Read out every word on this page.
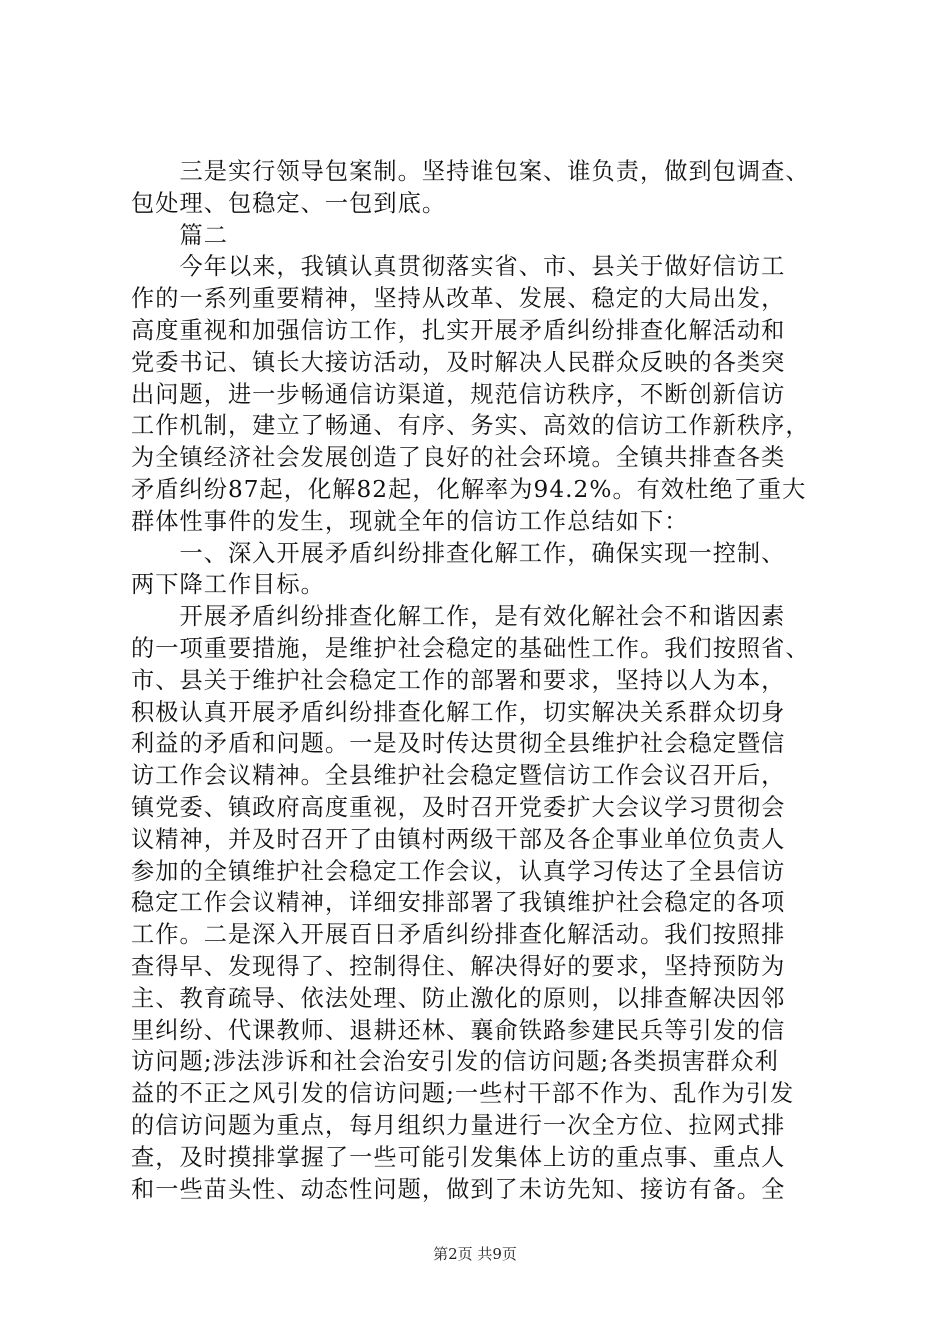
　　三是实行领导包案制。坚持谁包案、谁负责，做到包调查、
包处理、包稳定、一包到底。
　　篇二
　　今年以来，我镇认真贯彻落实省、市、县关于做好信访工
作的一系列重要精神，坚持从改革、发展、稳定的大局出发，
高度重视和加强信访工作，扎实开展矛盾纠纷排查化解活动和
党委书记、镇长大接访活动，及时解决人民群众反映的各类突
出问题，进一步畅通信访渠道，规范信访秩序，不断创新信访
工作机制，建立了畅通、有序、务实、高效的信访工作新秩序，
为全镇经济社会发展创造了良好的社会环境。全镇共排查各类
矛盾纠纷87起，化解82起，化解率为94.2%。有效杜绝了重大
群体性事件的发生，现就全年的信访工作总结如下：
　　一、深入开展矛盾纠纷排查化解工作，确保实现一控制、
两下降工作目标。
　　开展矛盾纠纷排查化解工作，是有效化解社会不和谐因素
的一项重要措施，是维护社会稳定的基础性工作。我们按照省、
市、县关于维护社会稳定工作的部署和要求，坚持以人为本，
积极认真开展矛盾纠纷排查化解工作，切实解决关系群众切身
利益的矛盾和问题。一是及时传达贯彻全县维护社会稳定暨信
访工作会议精神。全县维护社会稳定暨信访工作会议召开后，
镇党委、镇政府高度重视，及时召开党委扩大会议学习贯彻会
议精神，并及时召开了由镇村两级干部及各企事业单位负责人
参加的全镇维护社会稳定工作会议，认真学习传达了全县信访
稳定工作会议精神，详细安排部署了我镇维护社会稳定的各项
工作。二是深入开展百日矛盾纠纷排查化解活动。我们按照排
查得早、发现得了、控制得住、解决得好的要求，坚持预防为
主、教育疏导、依法处理、防止激化的原则，以排查解决因邻
里纠纷、代课教师、退耕还林、襄俞铁路参建民兵等引发的信
访问题;涉法涉诉和社会治安引发的信访问题;各类损害群众利
益的不正之风引发的信访问题;一些村干部不作为、乱作为引发
的信访问题为重点，每月组织力量进行一次全方位、拉网式排
查，及时摸排掌握了一些可能引发集体上访的重点事、重点人
和一些苗头性、动态性问题，做到了未访先知、接访有备。全
第2页 共9页
